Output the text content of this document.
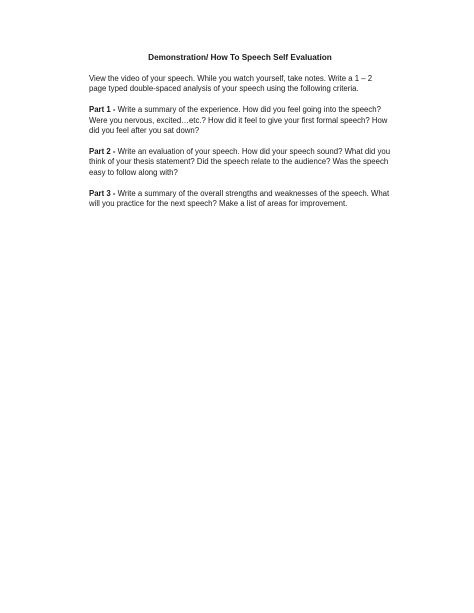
Demonstration/ How To Speech Self Evaluation

View the video of your speech. While you watch yourself, take notes. Write a 1 – 2 page typed double-spaced analysis of your speech using the following criteria.

Part 1 - Write a summary of the experience. How did you feel going into the speech? Were you nervous, excited…etc.? How did it feel to give your first formal speech? How did you feel after you sat down?

Part 2 - Write an evaluation of your speech. How did your speech sound? What did you think of your thesis statement? Did the speech relate to the audience? Was the speech easy to follow along with?

Part 3 - Write a summary of the overall strengths and weaknesses of the speech. What will you practice for the next speech? Make a list of areas for improvement.
